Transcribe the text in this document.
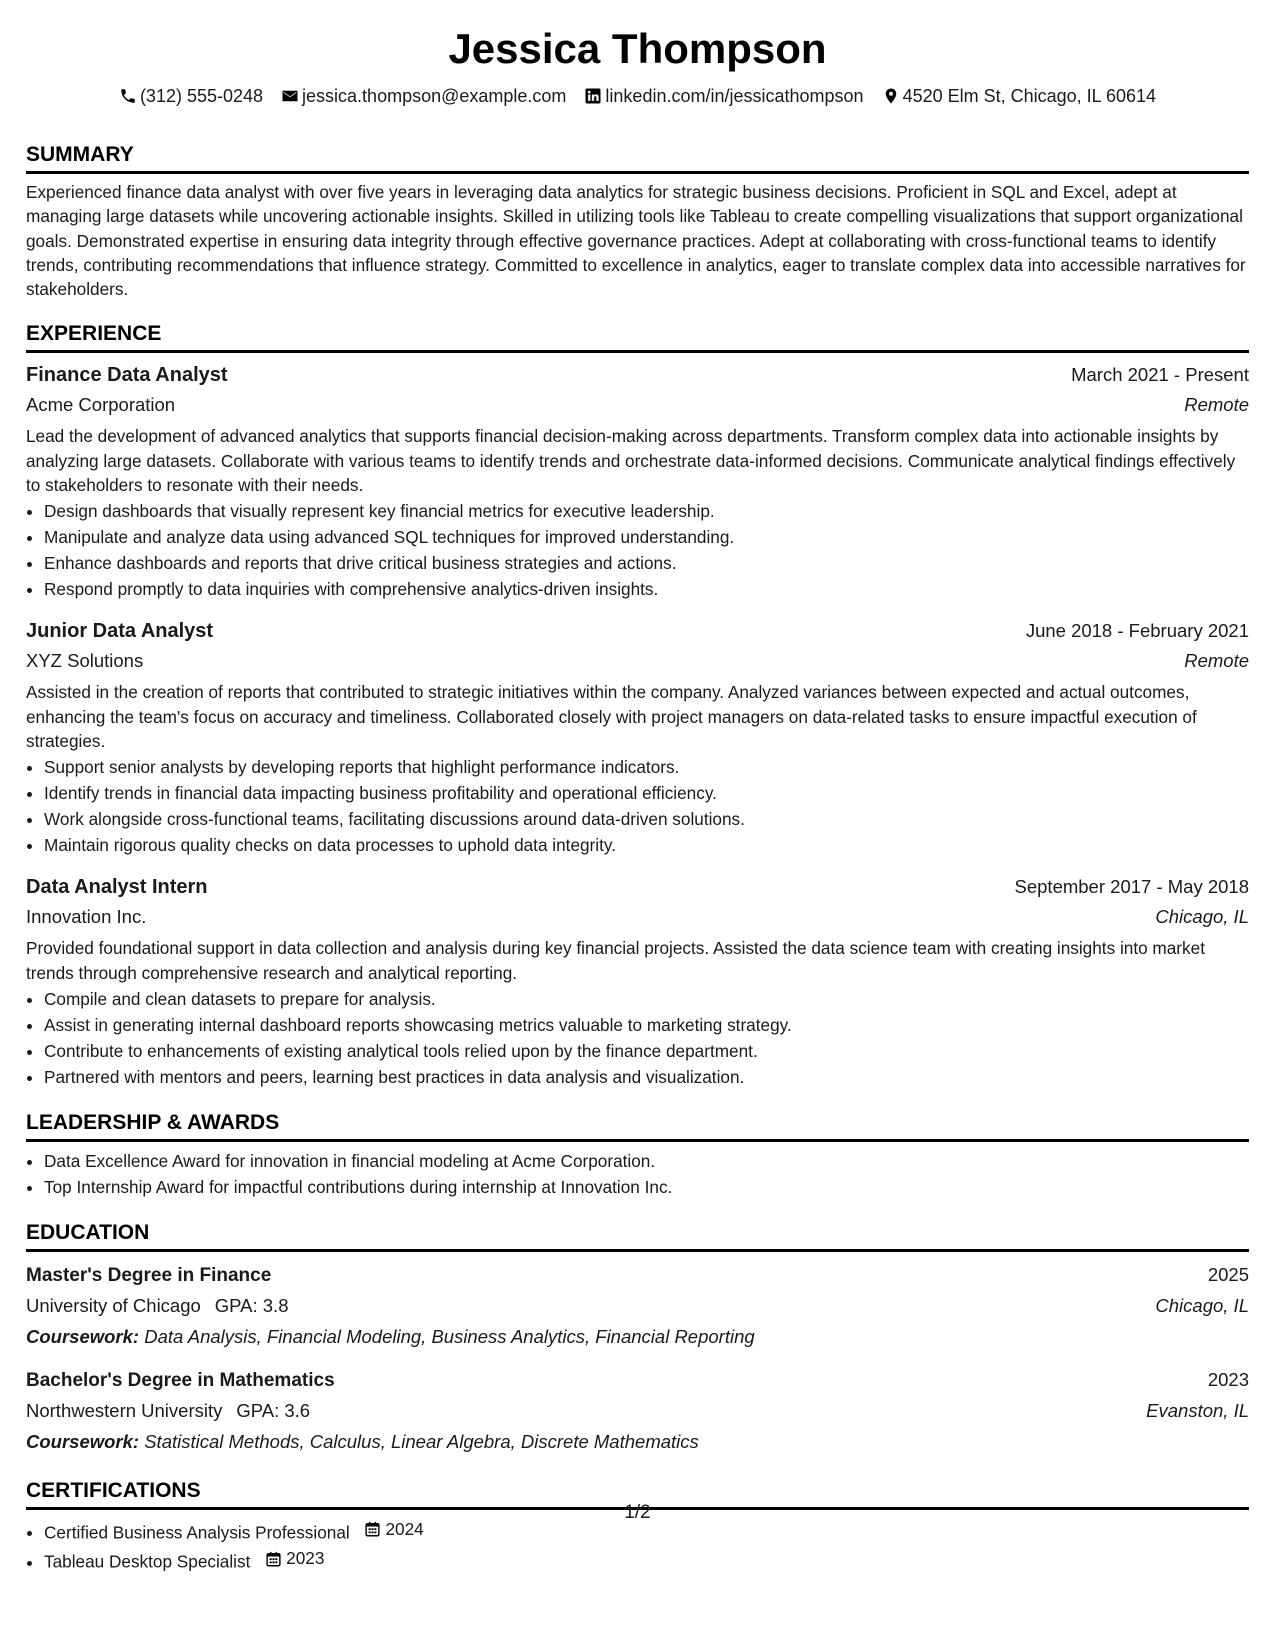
Jessica Thompson
(312) 555-0248 jessica.thompson@example.com linkedin.com/in/jessicathompson 4520 Elm St, Chicago, IL 60614
SUMMARY

Experienced finance data analyst with over five years in leveraging data analytics for strategic business decisions. Proficient in SQL and Excel, adept at managing large datasets while uncovering actionable insights. Skilled in utilizing tools like Tableau to create compelling visualizations that support organizational goals. Demonstrated expertise in ensuring data integrity through effective governance practices. Adept at collaborating with cross-functional teams to identify trends, contributing recommendations that influence strategy. Committed to excellence in analytics, eager to translate complex data into accessible narratives for stakeholders.

EXPERIENCE
Finance Data Analyst	March 2021 - Present
Acme Corporation	Remote

Lead the development of advanced analytics that supports financial decision-making across departments. Transform complex data into actionable insights by analyzing large datasets. Collaborate with various teams to identify trends and orchestrate data-informed decisions. Communicate analytical findings effectively to stakeholders to resonate with their needs.

• Design dashboards that visually represent key financial metrics for executive leadership.
• Manipulate and analyze data using advanced SQL techniques for improved understanding.
• Enhance dashboards and reports that drive critical business strategies and actions.
• Respond promptly to data inquiries with comprehensive analytics-driven insights.
Junior Data Analyst	June 2018 - February 2021
XYZ Solutions	Remote

Assisted in the creation of reports that contributed to strategic initiatives within the company. Analyzed variances between expected and actual outcomes, enhancing the team's focus on accuracy and timeliness. Collaborated closely with project managers on data-related tasks to ensure impactful execution of strategies.

• Support senior analysts by developing reports that highlight performance indicators.
• Identify trends in financial data impacting business profitability and operational efficiency.
• Work alongside cross-functional teams, facilitating discussions around data-driven solutions.
• Maintain rigorous quality checks on data processes to uphold data integrity.
Data Analyst Intern	September 2017 - May 2018
Innovation Inc.	Chicago, IL

Provided foundational support in data collection and analysis during key financial projects. Assisted the data science team with creating insights into market trends through comprehensive research and analytical reporting.

• Compile and clean datasets to prepare for analysis.
• Assist in generating internal dashboard reports showcasing metrics valuable to marketing strategy.
• Contribute to enhancements of existing analytical tools relied upon by the finance department.
• Partnered with mentors and peers, learning best practices in data analysis and visualization.
LEADERSHIP & AWARDS
• Data Excellence Award for innovation in financial modeling at Acme Corporation.
• Top Internship Award for impactful contributions during internship at Innovation Inc.
EDUCATION
Master's Degree in Finance	2025
University of Chicago GPA: 3.8	Chicago, IL
Coursework: Data Analysis, Financial Modeling, Business Analytics, Financial Reporting
Bachelor's Degree in Mathematics	2023
Northwestern University GPA: 3.6	Evanston, IL
Coursework: Statistical Methods, Calculus, Linear Algebra, Discrete Mathematics
CERTIFICATIONS
• Certified Business Analysis Professional 2024
• Tableau Desktop Specialist 2023
1/2
